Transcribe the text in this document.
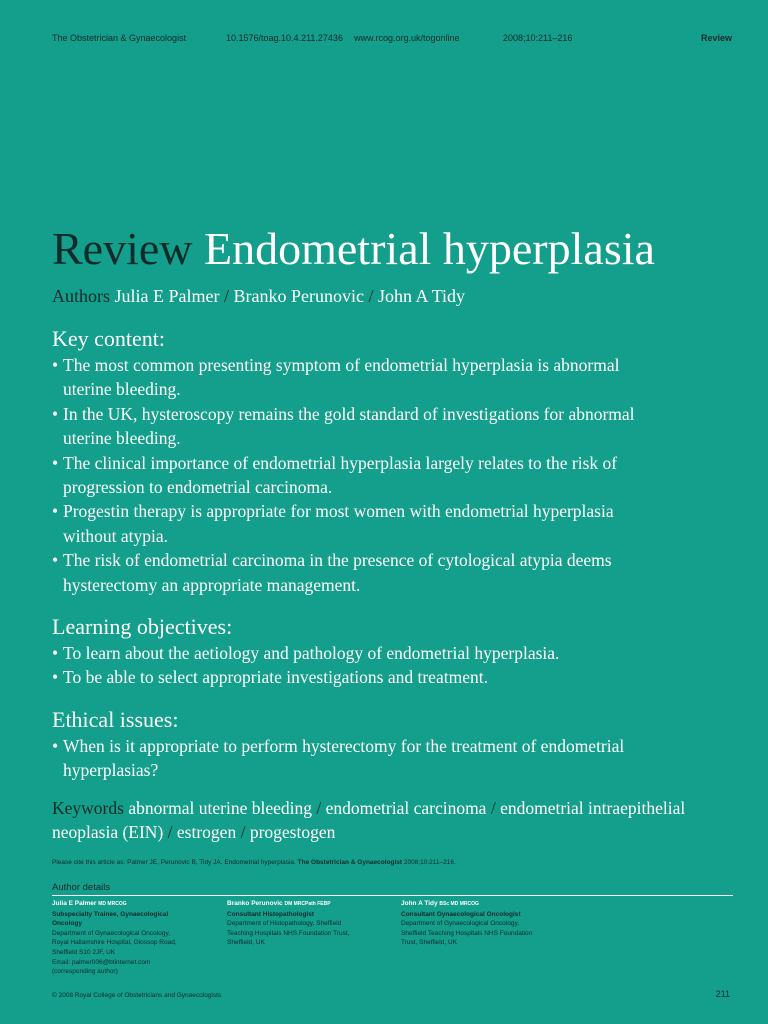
The Obstetrician & Gynaecologist	10.1576/toag.10.4.211.27436 www.rcog.org.uk/togonline	2008;10:211–216	Review
Review Endometrial hyperplasia
Authors Julia E Palmer / Branko Perunovic / John A Tidy
Key content:
• The most common presenting symptom of endometrial hyperplasia is abnormal
uterine bleeding.
• In the UK, hysteroscopy remains the gold standard of investigations for abnormal
uterine bleeding.
• The clinical importance of endometrial hyperplasia largely relates to the risk of
progression to endometrial carcinoma.
• Progestin therapy is appropriate for most women with endometrial hyperplasia
without atypia.
• The risk of endometrial carcinoma in the presence of cytological atypia deems
hysterectomy an appropriate management.
Learning objectives:
• To learn about the aetiology and pathology of endometrial hyperplasia.
• To be able to select appropriate investigations and treatment.
Ethical issues:
• When is it appropriate to perform hysterectomy for the treatment of endometrial
hyperplasias?
Keywords abnormal uterine bleeding / endometrial carcinoma / endometrial intraepithelial neoplasia (EIN) / estrogen / progestogen
Please cite this article as: Palmer JE, Perunovic B, Tidy JA. Endometrial hyperplasia. The Obstetrician & Gynaecologist 2008;10:211–216.
Author details
Julia E Palmer MD MRCOG
Subspecialty Trainee, Gynaecological
Oncology
Department of Gynaecological Oncology,
Royal Hallamshire Hospital, Glossop Road,
Sheffield S10 2JF, UK
Email: palmer006@btinternet.com
(corresponding author)
Branko Perunovic DM MRCPath FEBP
Consultant Histopathologist
Department of Histopathology, Sheffield
Teaching Hospitals NHS Foundation Trust,
Sheffield, UK
John A Tidy BSc MD MRCOG
Consultant Gynaecological Oncologist
Department of Gynaecological Oncology,
Sheffield Teaching Hospitals NHS Foundation
Trust, Sheffield, UK
© 2008 Royal College of Obstetricians and Gynaecologists	211
